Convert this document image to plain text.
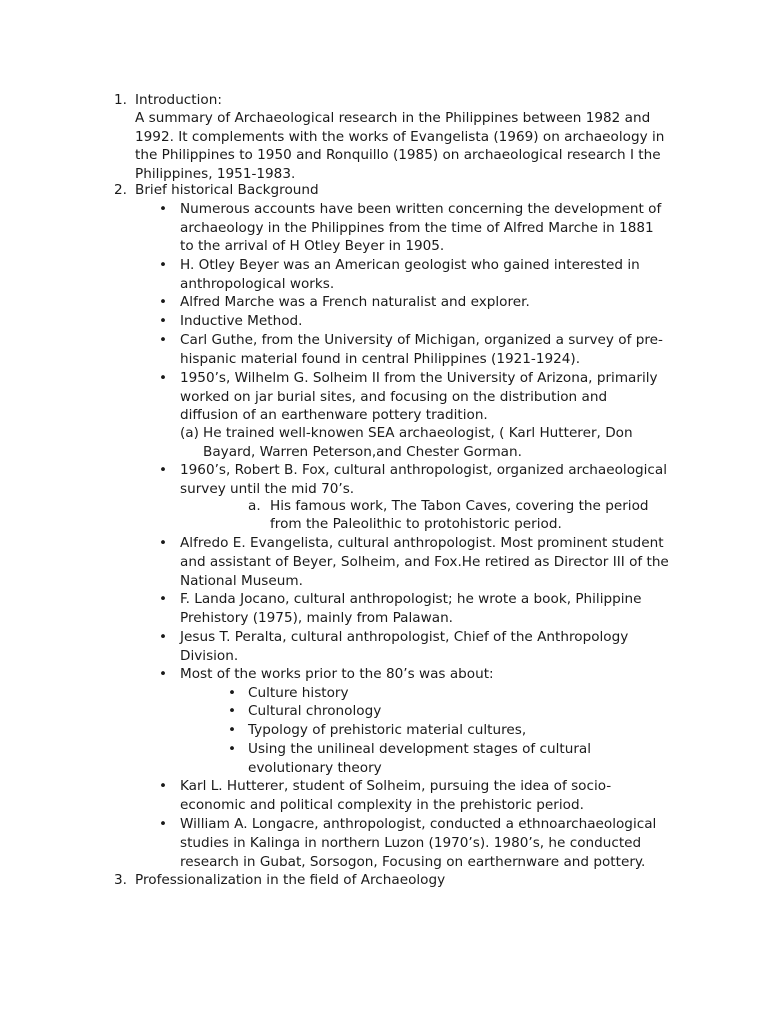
1. Introduction:
A summary of Archaeological research in the Philippines between 1982 and
1992. It complements with the works of Evangelista (1969) on archaeology in
the Philippines to 1950 and Ronquillo (1985) on archaeological research I the
Philippines, 1951-1983.
2. Brief historical Background
• Numerous accounts have been written concerning the development of
archaeology in the Philippines from the time of Alfred Marche in 1881
to the arrival of H Otley Beyer in 1905.
• H. Otley Beyer was an American geologist who gained interested in
anthropological works.
• Alfred Marche was a French naturalist and explorer.
• Inductive Method.
• Carl Guthe, from the University of Michigan, organized a survey of pre-
hispanic material found in central Philippines (1921-1924).
• 1950’s, Wilhelm G. Solheim II from the University of Arizona, primarily
worked on jar burial sites, and focusing on the distribution and
diffusion of an earthenware pottery tradition.
(a) He trained well-knowen SEA archaeologist, ( Karl Hutterer, Don
Bayard, Warren Peterson,and Chester Gorman.
• 1960’s, Robert B. Fox, cultural anthropologist, organized archaeological
survey until the mid 70’s.
a. His famous work, The Tabon Caves, covering the period
from the Paleolithic to protohistoric period.
• Alfredo E. Evangelista, cultural anthropologist. Most prominent student
and assistant of Beyer, Solheim, and Fox.He retired as Director III of the
National Museum.
• F. Landa Jocano, cultural anthropologist; he wrote a book, Philippine
Prehistory (1975), mainly from Palawan.
• Jesus T. Peralta, cultural anthropologist, Chief of the Anthropology
Division.
• Most of the works prior to the 80’s was about:
• Culture history
• Cultural chronology
• Typology of prehistoric material cultures,
• Using the unilineal development stages of cultural
evolutionary theory
• Karl L. Hutterer, student of Solheim, pursuing the idea of socio-
economic and political complexity in the prehistoric period.
• William A. Longacre, anthropologist, conducted a ethnoarchaeological
studies in Kalinga in northern Luzon (1970’s). 1980’s, he conducted
research in Gubat, Sorsogon, Focusing on earthernware and pottery.
3. Professionalization in the field of Archaeology
